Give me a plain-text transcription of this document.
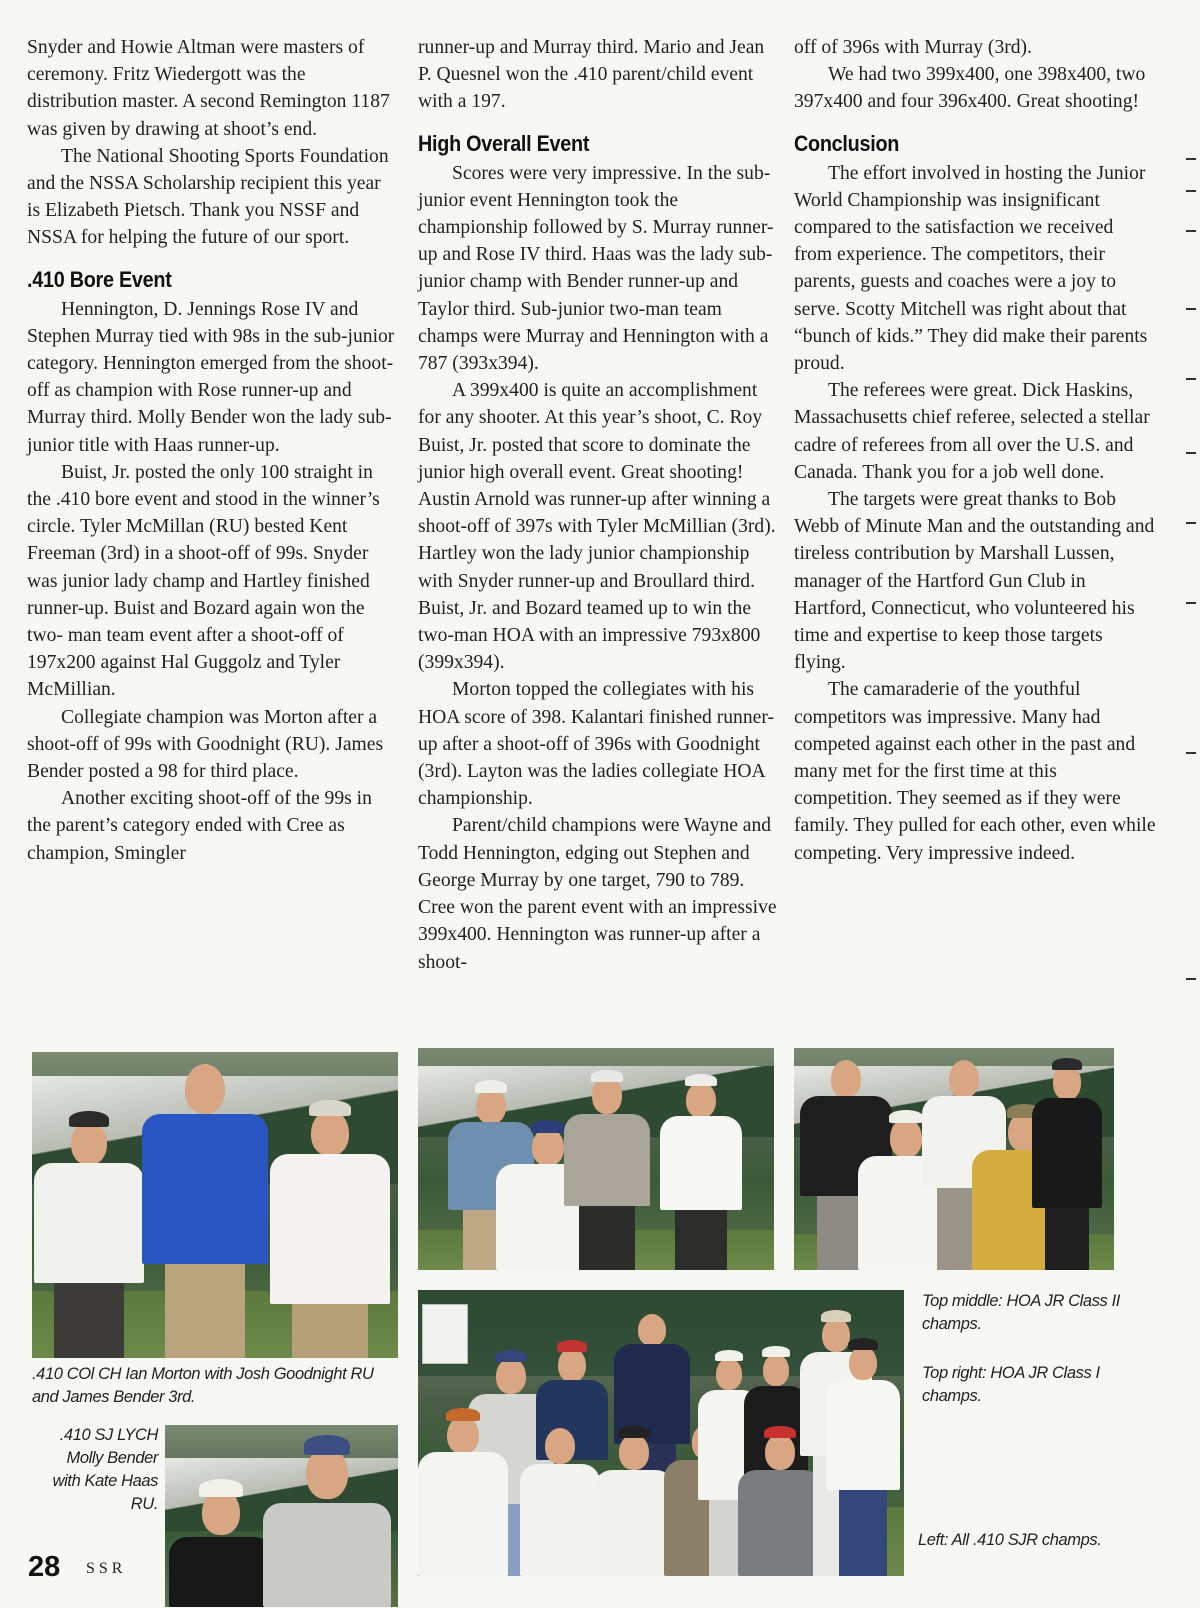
Snyder and Howie Altman were masters of ceremony. Fritz Wiedergott was the distribution master. A second Remington 1187 was given by drawing at shoot’s end.

The National Shooting Sports Foundation and the NSSA Scholarship recipient this year is Elizabeth Pietsch. Thank you NSSF and NSSA for helping the future of our sport.

.410 Bore Event

Hennington, D. Jennings Rose IV and Stephen Murray tied with 98s in the sub-junior category. Hennington emerged from the shoot-off as champion with Rose runner-up and Murray third. Molly Bender won the lady sub-junior title with Haas runner-up.

Buist, Jr. posted the only 100 straight in the .410 bore event and stood in the winner’s circle. Tyler McMillan (RU) bested Kent Freeman (3rd) in a shoot-off of 99s. Snyder was junior lady champ and Hartley finished runner-up. Buist and Bozard again won the two- man team event after a shoot-off of 197x200 against Hal Guggolz and Tyler McMillian.

Collegiate champion was Morton after a shoot-off of 99s with Goodnight (RU). James Bender posted a 98 for third place.

Another exciting shoot-off of the 99s in the parent’s category ended with Cree as champion, Smingler

runner-up and Murray third. Mario and Jean P. Quesnel won the .410 parent/child event with a 197.

High Overall Event

Scores were very impressive. In the sub-junior event Hennington took the championship followed by S. Murray runner-up and Rose IV third. Haas was the lady sub-junior champ with Bender runner-up and Taylor third. Sub-junior two-man team champs were Murray and Hennington with a 787 (393x394).

A 399x400 is quite an accomplishment for any shooter. At this year’s shoot, C. Roy Buist, Jr. posted that score to dominate the junior high overall event. Great shooting! Austin Arnold was runner-up after winning a shoot-off of 397s with Tyler McMillian (3rd). Hartley won the lady junior championship with Snyder runner-up and Broullard third. Buist, Jr. and Bozard teamed up to win the two-man HOA with an impressive 793x800 (399x394).

Morton topped the collegiates with his HOA score of 398. Kalantari finished runner-up after a shoot-off of 396s with Goodnight (3rd). Layton was the ladies collegiate HOA championship.

Parent/child champions were Wayne and Todd Hennington, edging out Stephen and George Murray by one target, 790 to 789. Cree won the parent event with an impressive 399x400. Hennington was runner-up after a shoot-

off of 396s with Murray (3rd).

We had two 399x400, one 398x400, two 397x400 and four 396x400. Great shooting!

Conclusion

The effort involved in hosting the Junior World Championship was insignificant compared to the satisfaction we received from experience. The competitors, their parents, guests and coaches were a joy to serve. Scotty Mitchell was right about that “bunch of kids.” They did make their parents proud.

The referees were great. Dick Haskins, Massachusetts chief referee, selected a stellar cadre of referees from all over the U.S. and Canada. Thank you for a job well done.

The targets were great thanks to Bob Webb of Minute Man and the outstanding and tireless contribution by Marshall Lussen, manager of the Hartford Gun Club in Hartford, Connecticut, who volunteered his time and expertise to keep those targets flying.

The camaraderie of the youthful competitors was impressive. Many had competed against each other in the past and many met for the first time at this competition. They seemed as if they were family. They pulled for each other, even while competing. Very impressive indeed.

.410 COl CH Ian Morton with Josh Goodnight RU and James Bender 3rd.
.410 SJ LYCH Molly Bender with Kate Haas RU.
Top middle: HOA JR Class II champs.
Top right: HOA JR Class I champs.
Left: All .410 SJR champs.
28 SSR
